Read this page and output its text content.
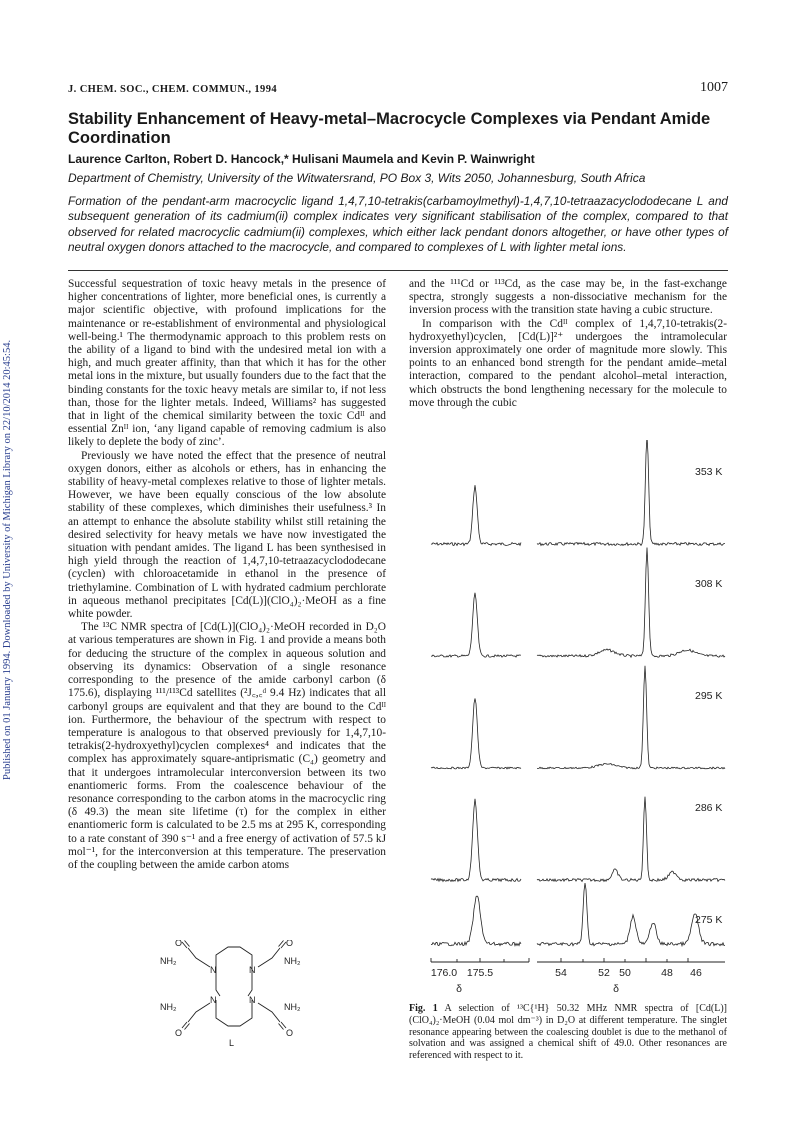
Published on 01 January 1994. Downloaded by University of Michigan Library on 22/10/2014 20:45:54.
J. CHEM. SOC., CHEM. COMMUN., 1994	1007
Stability Enhancement of Heavy-metal–Macrocycle Complexes via Pendant Amide Coordination
Laurence Carlton, Robert D. Hancock,* Hulisani Maumela and Kevin P. Wainwright
Department of Chemistry, University of the Witwatersrand, PO Box 3, Wits 2050, Johannesburg, South Africa
Formation of the pendant-arm macrocyclic ligand 1,4,7,10-tetrakis(carbamoylmethyl)-1,4,7,10-tetraazacyclododecane L and subsequent generation of its cadmium(ii) complex indicates very significant stabilisation of the complex, compared to that observed for related macrocyclic cadmium(ii) complexes, which either lack pendant donors altogether, or have other types of neutral oxygen donors attached to the macrocycle, and compared to complexes of L with lighter metal ions.

Successful sequestration of toxic heavy metals in the presence of higher concentrations of lighter, more beneficial ones, is currently a major scientific objective, with profound implications for the maintenance or re-establishment of environmental and physiological well-being.¹ The thermodynamic approach to this problem rests on the ability of a ligand to bind with the undesired metal ion with a high, and much greater affinity, than that which it has for the other metal ions in the mixture, but usually founders due to the fact that the binding constants for the toxic heavy metals are similar to, if not less than, those for the lighter metals. Indeed, Williams² has suggested that in light of the chemical similarity between the toxic Cdᴵᴵ and essential Znᴵᴵ ion, ‘any ligand capable of removing cadmium is also likely to deplete the body of zinc’.

Previously we have noted the effect that the presence of neutral oxygen donors, either as alcohols or ethers, has in enhancing the stability of heavy-metal complexes relative to those of lighter metals. However, we have been equally conscious of the low absolute stability of these complexes, which diminishes their usefulness.³ In an attempt to enhance the absolute stability whilst still retaining the desired selectivity for heavy metals we have now investigated the situation with pendant amides. The ligand L has been synthesised in high yield through the reaction of 1,4,7,10-tetraazacyclododecane (cyclen) with chloroacetamide in ethanol in the presence of triethylamine. Combination of L with hydrated cadmium perchlorate in aqueous methanol precipitates [Cd(L)](ClO₄)₂·MeOH as a fine white powder.

The ¹³C NMR spectra of [Cd(L)](ClO₄)₂·MeOH recorded in D₂O at various temperatures are shown in Fig. 1 and provide a means both for deducing the structure of the complex in aqueous solution and observing its dynamics: Observation of a single resonance corresponding to the presence of the amide carbonyl carbon (δ 175.6), displaying ¹¹¹/¹¹³Cd satellites (²J꜀,꜀ᵈ 9.4 Hz) indicates that all carbonyl groups are equivalent and that they are bound to the Cdᴵᴵ ion. Furthermore, the behaviour of the spectrum with respect to temperature is analogous to that observed previously for 1,4,7,10-tetrakis(2-hydroxyethyl)cyclen complexes⁴ and indicates that the complex has approximately square-antiprismatic (C₄) geometry and that it undergoes intramolecular interconversion between its two enantiomeric forms. From the coalescence behaviour of the resonance corresponding to the carbon atoms in the macrocyclic ring (δ 49.3) the mean site lifetime (τ) for the complex in either enantiomeric form is calculated to be 2.5 ms at 295 K, corresponding to a rate constant of 390 s⁻¹ and a free energy of activation of 57.5 kJ mol⁻¹, for the interconversion at this temperature. The preservation of the coupling between the amide carbon atoms

and the ¹¹¹Cd or ¹¹³Cd, as the case may be, in the fast-exchange spectra, strongly suggests a non-dissociative mechanism for the inversion process with the transition state having a cubic structure.

In comparison with the Cdᴵᴵ complex of 1,4,7,10-tetrakis(2-hydroxyethyl)cyclen, [Cd(L)]²⁺ undergoes the intramolecular inversion approximately one order of magnitude more slowly. This points to an enhanced bond strength for the pendant amide–metal interaction, compared to the pendant alcohol–metal interaction, which obstructs the bond lengthening necessary for the molecule to move through the cubic

353 K
308 K
295 K
286 K
275 K
176.0 175.5	54	52 50	48 46
δ	δ
Fig. 1 A selection of ¹³C{¹H} 50.32 MHz NMR spectra of [Cd(L)](ClO₄)₂·MeOH (0.04 mol dm⁻³) in D₂O at different temperature. The singlet resonance appearing between the coalescing doublet is due to the methanol of solvation and was assigned a chemical shift of 49.0. Other resonances are referenced with respect to it.
O	O
O	O
NH₂	NH₂
NH₂	NH₂
N	N
N	N
L
